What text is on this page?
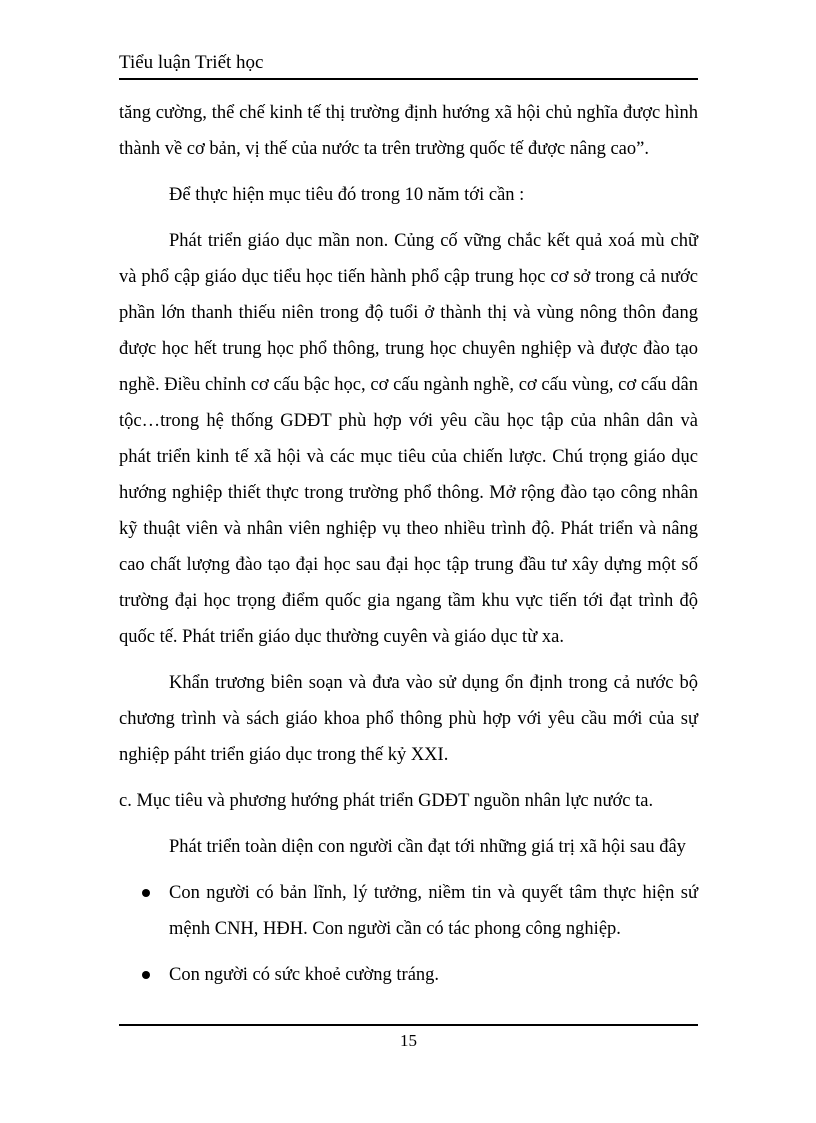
Tiểu luận Triết học

tăng cường, thể chế kinh tế thị trường định hướng xã hội chủ nghĩa được hình thành về cơ bản, vị thế của nước ta trên trường quốc tế được nâng cao”.

Để thực hiện mục tiêu đó trong 10 năm tới cần :

Phát triển giáo dục mần non. Củng cố vững chắc kết quả xoá mù chữ và phổ cập giáo dục tiểu học tiến hành phổ cập trung học cơ sở trong cả nước phần lớn thanh thiếu niên trong độ tuổi ở thành thị và vùng nông thôn đang được học hết trung học phổ thông, trung học chuyên nghiệp và được đào tạo nghề. Điều chỉnh cơ cấu bậc học, cơ cấu ngành nghề, cơ cấu vùng, cơ cấu dân tộc…trong hệ thống GDĐT phù hợp với yêu cầu học tập của nhân dân và phát triển kinh tế xã hội và các mục tiêu của chiến lược. Chú trọng giáo dục hướng nghiệp thiết thực trong trường phổ thông. Mở rộng đào tạo công nhân kỹ thuật viên và nhân viên nghiệp vụ theo nhiều trình độ. Phát triển và nâng cao chất lượng đào tạo đại học sau đại học tập trung đầu tư xây dựng một số trường đại học trọng điểm quốc gia ngang tầm khu vực tiến tới đạt trình độ quốc tế. Phát triển giáo dục thường cuyên và giáo dục từ xa.

Khẩn trương biên soạn và đưa vào sử dụng ổn định trong cả nước bộ chương trình và sách giáo khoa phổ thông phù hợp với yêu cầu mới của sự nghiệp páht triển giáo dục trong thế kỷ XXI.

c. Mục tiêu và phương hướng phát triển GDĐT nguồn nhân lực nước ta.

Phát triển toàn diện con người cần đạt tới những giá trị xã hội sau đây

Con người có bản lĩnh, lý tưởng, niềm tin và quyết tâm thực hiện sứ mệnh CNH, HĐH. Con người cần có tác phong công nghiệp.
Con người có sức khoẻ cường tráng.
15
